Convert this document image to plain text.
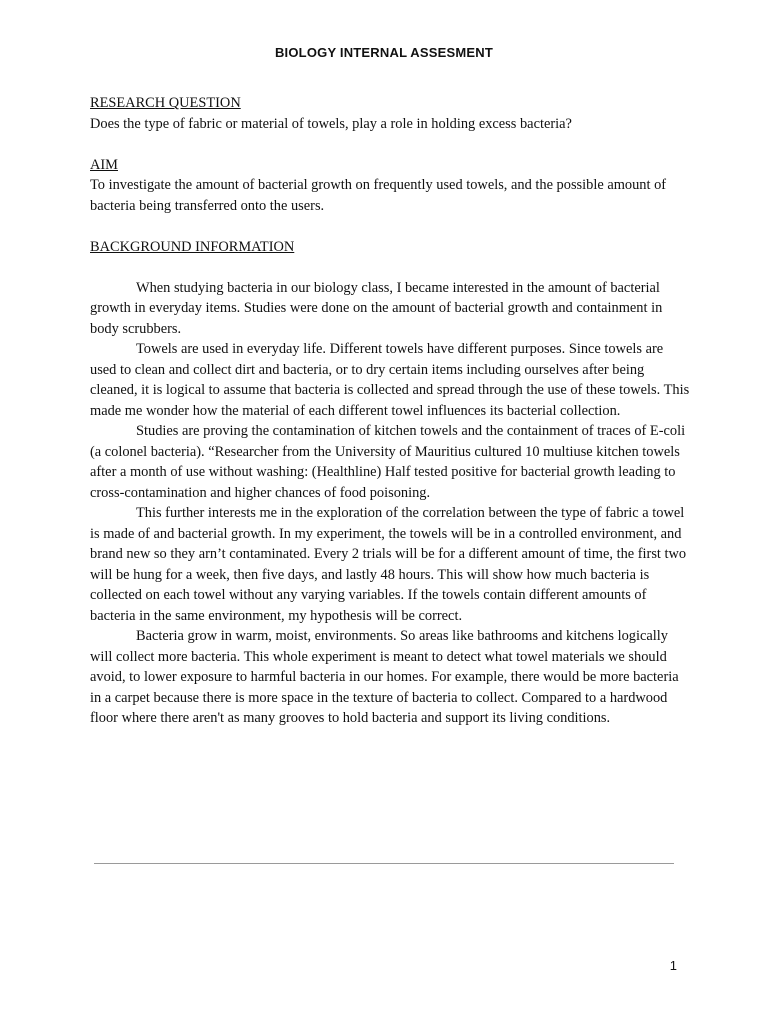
BIOLOGY INTERNAL ASSESMENT

RESEARCH QUESTION

Does the type of fabric or material of towels, play a role in holding excess bacteria?

AIM

To investigate the amount of bacterial growth on frequently used towels, and the possible amount of bacteria being transferred onto the users.

BACKGROUND INFORMATION

When studying bacteria in our biology class, I became interested in the amount of bacterial growth in everyday items. Studies were done on the amount of bacterial growth and containment in body scrubbers.

Towels are used in everyday life. Different towels have different purposes. Since towels are used to clean and collect dirt and bacteria, or to dry certain items including ourselves after being cleaned, it is logical to assume that bacteria is collected and spread through the use of these towels. This made me wonder how the material of each different towel influences its bacterial collection.

Studies are proving the contamination of kitchen towels and the containment of traces of E-coli (a colonel bacteria). “Researcher from the University of Mauritius cultured 10 multiuse kitchen towels after a month of use without washing: (Healthline) Half tested positive for bacterial growth leading to cross-contamination and higher chances of food poisoning.

This further interests me in the exploration of the correlation between the type of fabric a towel is made of and bacterial growth. In my experiment, the towels will be in a controlled environment, and brand new so they arn’t contaminated. Every 2 trials will be for a different amount of time, the first two will be hung for a week, then five days, and lastly 48 hours. This will show how much bacteria is collected on each towel without any varying variables. If the towels contain different amounts of bacteria in the same environment, my hypothesis will be correct.

Bacteria grow in warm, moist, environments. So areas like bathrooms and kitchens logically will collect more bacteria. This whole experiment is meant to detect what towel materials we should avoid, to lower exposure to harmful bacteria in our homes. For example, there would be more bacteria in a carpet because there is more space in the texture of bacteria to collect. Compared to a hardwood floor where there aren't as many grooves to hold bacteria and support its living conditions.

1
